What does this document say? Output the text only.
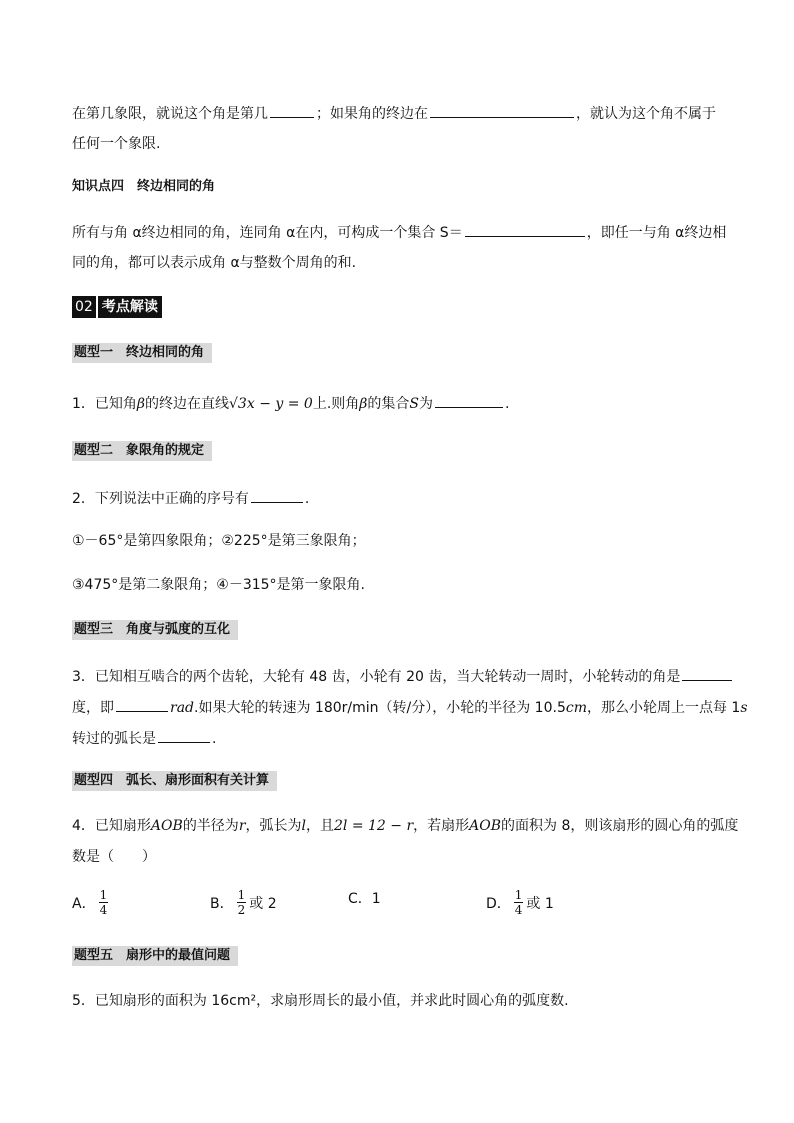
在第几象限，就说这个角是第几	；如果角的终边在	，就认为这个角不属于
任何一个象限.
知识点四　终边相同的角
所有与角 α终边相同的角，连同角 α在内，可构成一个集合 S＝	，即任一与角 α终边相
同的角，都可以表示成角 α与整数个周角的和.
02 考点解读
题型一　终边相同的角
1．已知角β的终边在直线√3x − y = 0上.则角β的集合S为	.
题型二　象限角的规定
2．下列说法中正确的序号有	.
①－65°是第四象限角；②225°是第三象限角；
③475°是第二象限角；④－315°是第一象限角.
题型三　角度与弧度的互化
3．已知相互啮合的两个齿轮，大轮有 48 齿，小轮有 20 齿，当大轮转动一周时，小轮转动的角是
度，即	rad.如果大轮的转速为 180r/min（转/分），小轮的半径为 10.5cm，那么小轮周上一点每 1s
转过的弧长是	.
题型四　弧长、扇形面积有关计算
4．已知扇形AOB的半径为r，弧长为l，且2l = 12 − r，若扇形AOB的面积为 8，则该扇形的圆心角的弧度
数是（　　）
A． $\frac{1}{4}$	B． $\frac{1}{2}$ 或 2	C．1	D． $\frac{1}{4}$ 或 1
题型五　扇形中的最值问题
5．已知扇形的面积为 16cm²，求扇形周长的最小值，并求此时圆心角的弧度数.
